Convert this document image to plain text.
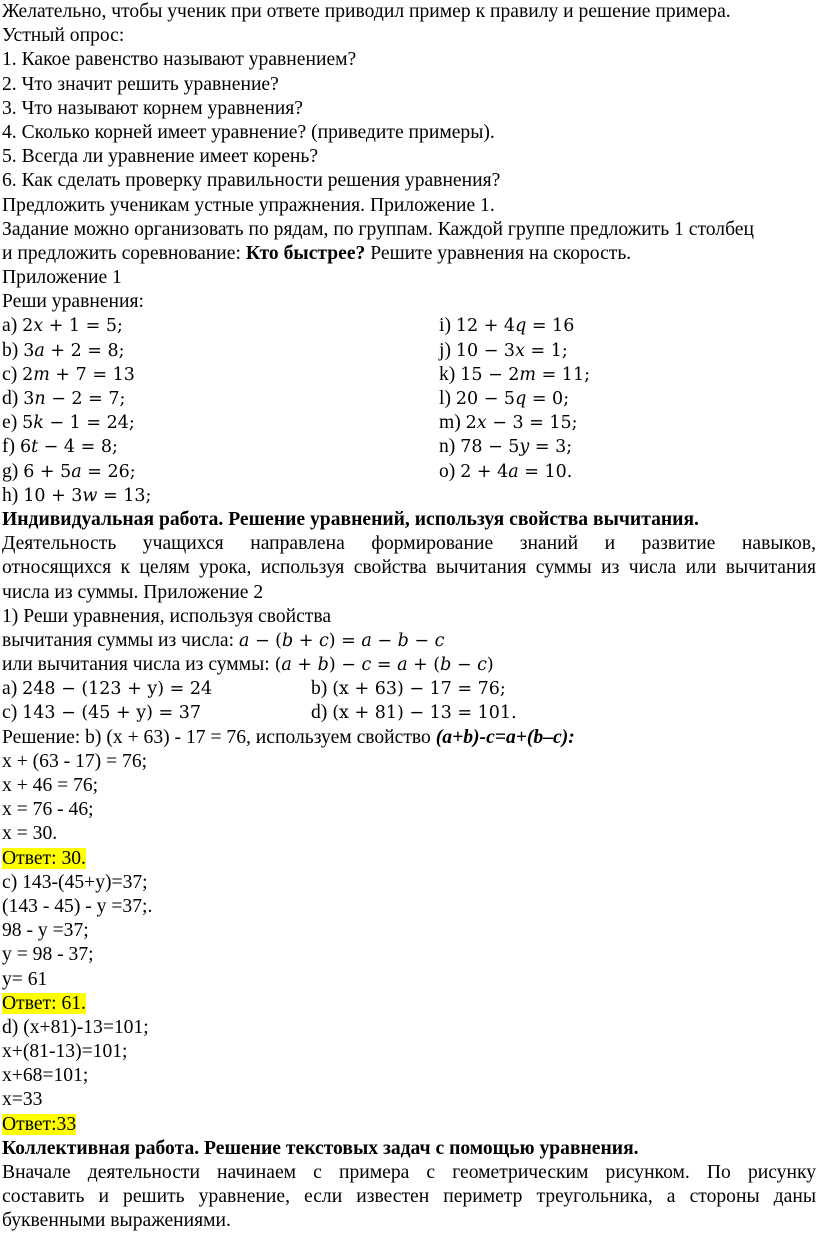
Желательно, чтобы ученик при ответе приводил пример к правилу и решение примера.
Устный опрос:
1. Какое равенство называют уравнением?
2. Что значит решить уравнение?
3. Что называют корнем уравнения?
4. Сколько корней имеет уравнение? (приведите примеры).
5. Всегда ли уравнение имеет корень?
6. Как сделать проверку правильности решения уравнения?
Предложить ученикам устные упражнения. Приложение 1.
Задание можно организовать по рядам, по группам. Каждой группе предложить 1 столбец
и предложить соревнование: Кто быстрее? Решите уравнения на скорость.
Приложение 1
Реши уравнения:
a) 2𝑥 + 1 = 5;	i) 12 + 4𝑞 = 16
b) 3𝑎 + 2 = 8;	j) 10 − 3𝑥 = 1;
c) 2𝑚 + 7 = 13	k) 15 − 2𝑚 = 11;
d) 3𝑛 − 2 = 7;	l) 20 − 5𝑞 = 0;
e) 5𝑘 − 1 = 24;	m) 2𝑥 − 3 = 15;
f) 6𝑡 − 4 = 8;	n) 78 − 5𝑦 = 3;
g) 6 + 5𝑎 = 26;	o) 2 + 4𝑎 = 10.
h) 10 + 3𝑤 = 13;
Индивидуальная работа. Решение уравнений, используя свойства вычитания.
Деятельность учащихся направлена формирование знаний и развитие навыков,
относящихся к целям урока, используя свойства вычитания суммы из числа или вычитания
числа из суммы. Приложение 2
1) Реши уравнения, используя свойства
вычитания суммы из числа: 𝑎 − (𝑏 + 𝑐) = 𝑎 − 𝑏 − 𝑐
или вычитания числа из суммы: (𝑎 + 𝑏) − 𝑐 = 𝑎 + (𝑏 − 𝑐)
a) 248 − (123 + y) = 24	b) (x + 63) − 17 = 76;
c) 143 − (45 + y) = 37	d) (x + 81) − 13 = 101.
Решение: b) (x + 63) - 17 = 76, используем свойство (a+b)-c=a+(b–c):
x + (63 - 17) = 76;
x + 46 = 76;
x = 76 - 46;
x = 30.
Ответ: 30.
c) 143-(45+y)=37;
(143 - 45) - y =37;.
98 - y =37;
y = 98 - 37;
y= 61
Ответ: 61.
d) (x+81)-13=101;
x+(81-13)=101;
x+68=101;
x=33
Ответ:33
Коллективная работа. Решение текстовых задач с помощью уравнения.
Вначале деятельности начинаем с примера с геометрическим рисунком. По рисунку
составить и решить уравнение, если известен периметр треугольника, а стороны даны
буквенными выражениями.
